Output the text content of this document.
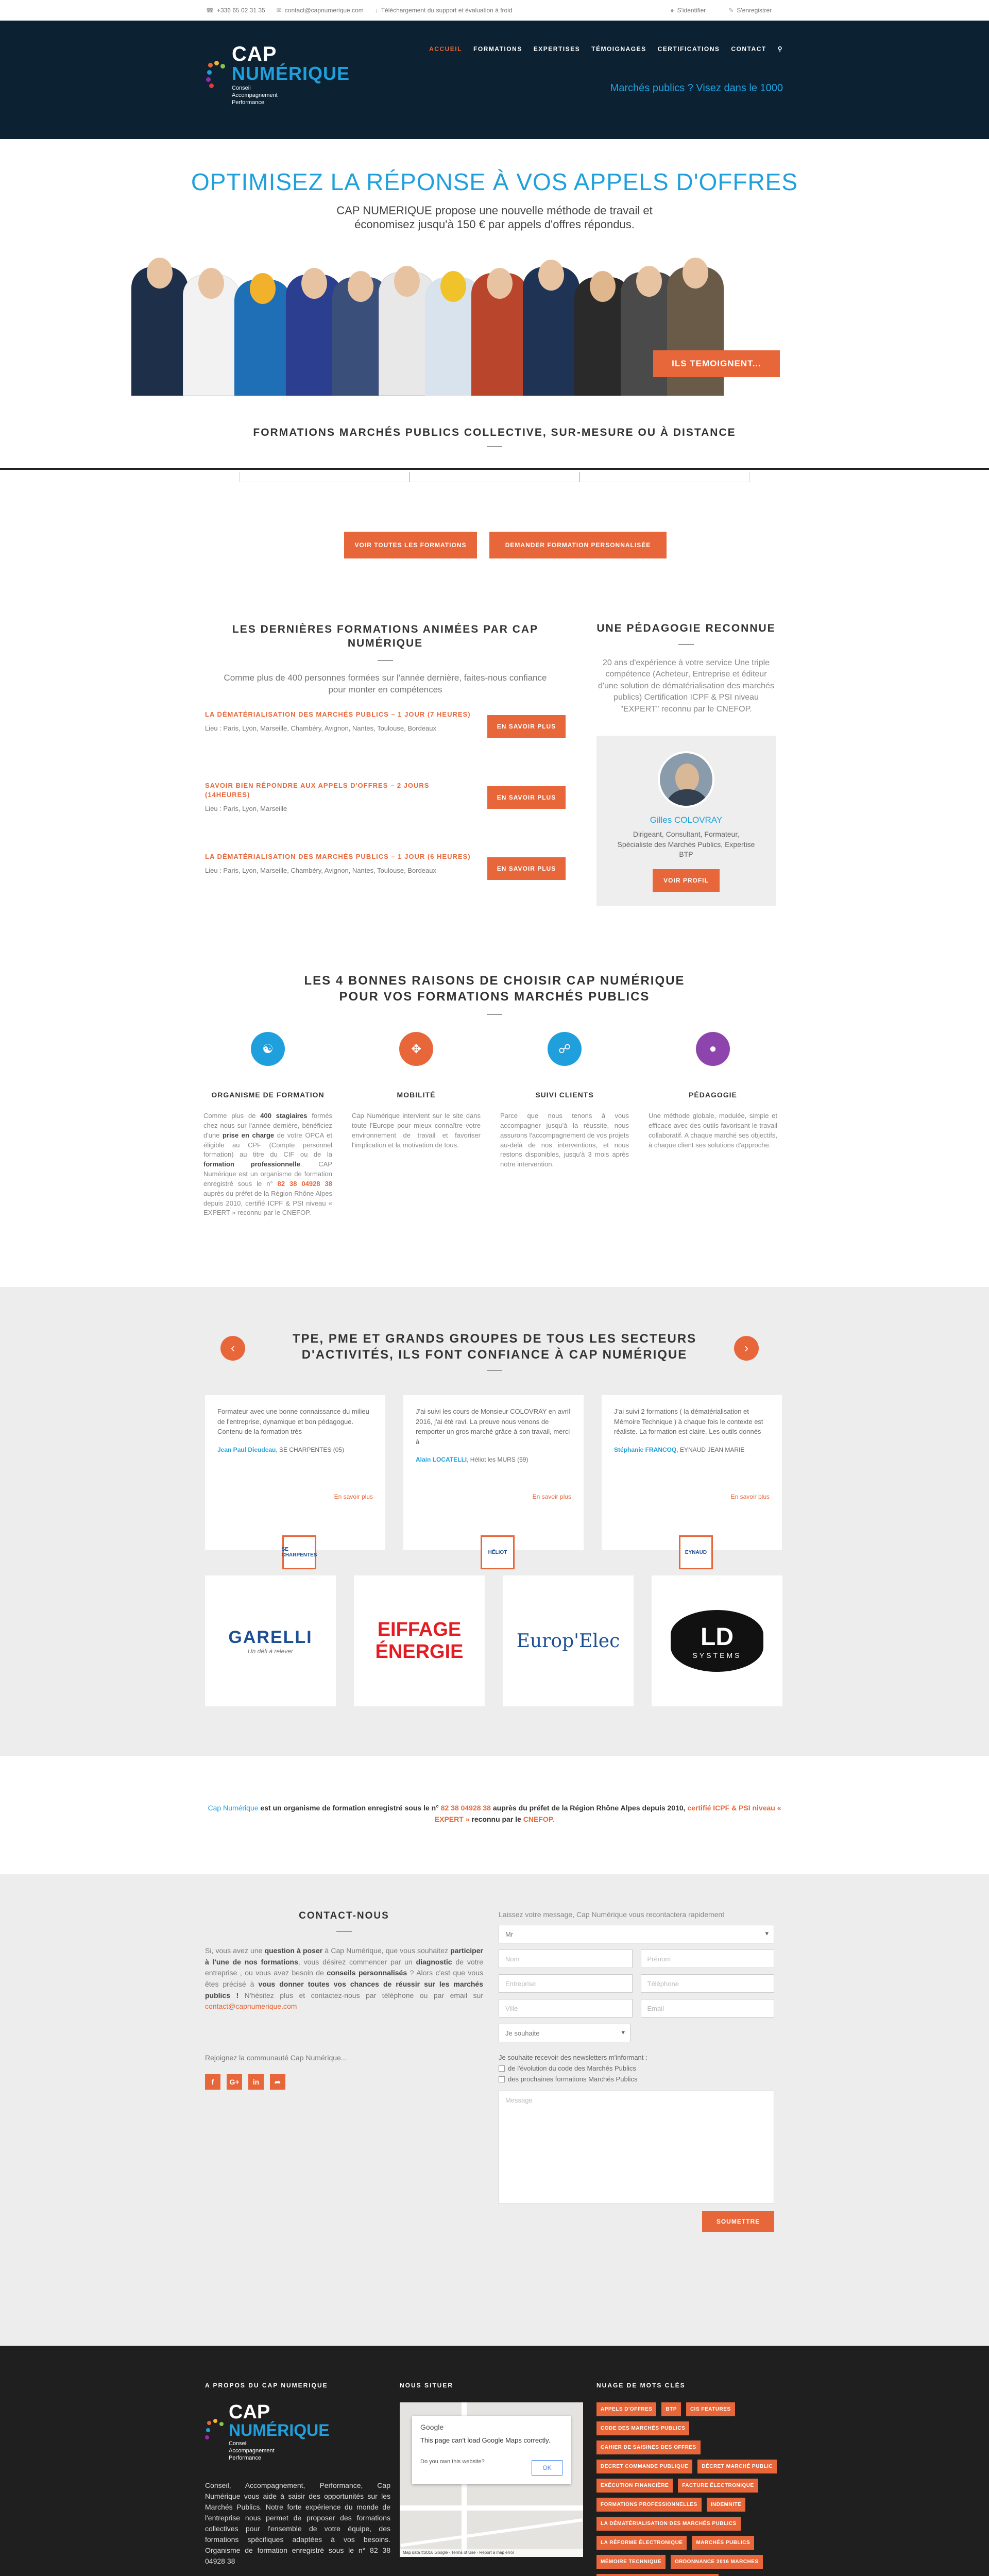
☎ +336 65 02 31 35 ✉ contact@capnumerique.com ↓ Téléchargement du support et évaluation à froid	● S'identifier	✎ S'enregistrer
CAP
NUMÉRIQUE
Conseil
Accompagnement
Performance
ACCUEIL FORMATIONS EXPERTISES TÉMOIGNAGES CERTIFICATIONS CONTACT ⚲
Marchés publics ? Visez dans le 1000
OPTIMISEZ LA RÉPONSE À VOS APPELS D'OFFRES

CAP NUMERIQUE propose une nouvelle méthode de travail et économisez jusqu'à 150 € par appels d'offres répondus.

ILS TEMOIGNENT...
FORMATIONS MARCHÉS PUBLICS COLLECTIVE, SUR-MESURE OU À DISTANCE
VOIR TOUTES LES FORMATIONS	DEMANDER FORMATION PERSONNALISÉE
LES DERNIÈRES FORMATIONS ANIMÉES PAR CAP NUMÉRIQUE

Comme plus de 400 personnes formées sur l'année dernière, faites-nous confiance pour monter en compétences

LA DÉMATÉRIALISATION DES MARCHÉS PUBLICS – 1 JOUR (7 HEURES)
Lieu : Paris, Lyon, Marseille, Chambéry, Avignon, Nantes, Toulouse, Bordeaux	EN SAVOIR PLUS
SAVOIR BIEN RÉPONDRE AUX APPELS D'OFFRES – 2 JOURS (14HEURES)
Lieu : Paris, Lyon, Marseille
EN SAVOIR PLUS
LA DÉMATÉRIALISATION DES MARCHÉS PUBLICS – 1 JOUR (6 HEURES)
Lieu : Paris, Lyon, Marseille, Chambéry, Avignon, Nantes, Toulouse, Bordeaux	EN SAVOIR PLUS
UNE PÉDAGOGIE RECONNUE

20 ans d'expérience à votre service Une triple compétence (Acheteur, Entreprise et éditeur d'une solution de dématérialisation des marchés publics) Certification ICPF & PSI niveau "EXPERT" reconnu par le CNEFOP.

Gilles COLOVRAY
Dirigeant, Consultant, Formateur, Spécialiste des Marchés Publics, Expertise BTP
VOIR PROFIL
LES 4 BONNES RAISONS DE CHOISIR CAP NUMÉRIQUE POUR VOS FORMATIONS MARCHÉS PUBLICS
☯
ORGANISME DE FORMATION
Comme plus de 400 stagiaires formés chez nous sur l'année dernière, bénéficiez d'une prise en charge de votre OPCA et éligible au CPF (Compte personnel formation) au titre du CIF ou de la formation professionnelle. CAP Numérique est un organisme de formation enregistré sous le n° 82 38 04928 38 auprès du préfet de la Région Rhône Alpes depuis 2010, certifié ICPF & PSI niveau « EXPERT » reconnu par le CNEFOP.
✥
MOBILITÉ
Cap Numérique intervient sur le site dans toute l'Europe pour mieux connaître votre environnement de travail et favoriser l'implication et la motivation de tous.
☍
SUIVI CLIENTS
Parce que nous tenons à vous accompagner jusqu'à la réussite, nous assurons l'accompagnement de vos projets au-delà de nos interventions, et nous restons disponibles, jusqu'à 3 mois après notre intervention.
●
PÉDAGOGIE
Une méthode globale, modulée, simple et efficace avec des outils favorisant le travail collaboratif. A chaque marché ses objectifs, à chaque client ses solutions d'approche.
TPE, PME ET GRANDS GROUPES DE TOUS LES SECTEURS D'ACTIVITÉS, ILS FONT CONFIANCE À CAP NUMÉRIQUE
‹	›
Formateur avec une bonne connaissance du milieu de l'entreprise, dynamique et bon pédagogue. Contenu de la formation très
Jean Paul Dieudeau, SE CHARPENTES (05)
En savoir plus
SE CHARPENTES
J'ai suivi les cours de Monsieur COLOVRAY en avril 2016, j'ai été ravi. La preuve nous venons de remporter un gros marché grâce à son travail, merci à
Alain LOCATELLI, Héliot les MURS (69)
En savoir plus
HÉLIOT
J'ai suivi 2 formations ( la dématérialisation et Mémoire Technique ) à chaque fois le contexte est réaliste. La formation est claire. Les outils donnés
Stéphanie FRANCOQ, EYNAUD JEAN MARIE
En savoir plus
EYNAUD
GARELLI
Un défi à relever
EIFFAGE
ÉNERGIE	Europ'Elec	LD
SYSTEMS

Cap Numérique est un organisme de formation enregistré sous le n° 82 38 04928 38 auprès du préfet de la Région Rhône Alpes depuis 2010, certifié ICPF & PSI niveau « EXPERT » reconnu par le CNEFOP.

CONTACT-NOUS

Si, vous avez une question à poser à Cap Numérique, que vous souhaitez participer à l'une de nos formations, vous désirez commencer par un diagnostic de votre entreprise , ou vous avez besoin de conseils personnalisés ? Alors c'est que vous êtes précisé à vous donner toutes vos chances de réussir sur les marchés publics ! N'hésitez plus et contactez-nous par téléphone ou par email sur contact@capnumerique.com

Rejoignez la communauté Cap Numérique...
f	G+	in	➦
Laissez votre message, Cap Numérique vous recontactera rapidement
Mr ▾
Nom	Prénom
Entreprise	Téléphone
Ville	Email
Je souhaite ▾
Je souhaite recevoir des newsletters m'informant :
de l'évolution du code des Marchés Publics
des prochaines formations Marchés Publics
Message
SOUMETTRE
A PROPOS DU CAP NUMERIQUE
CAP
NUMÉRIQUE
Conseil
Accompagnement
Performance

Conseil, Accompagnement, Performance, Cap Numérique vous aide à saisir des opportunités sur les Marchés Publics. Notre forte expérience du monde de l'entreprise nous permet de proposer des formations collectives pour l'ensemble de votre équipe, des formations spécifiques adaptées à vos besoins. Organisme de formation enregistré sous le n° 82 38 04928 38

NOUS SITUER
Google
This page can't load Google Maps correctly.
Do you own this website?
OK
Map data ©2016 Google · Terms of Use · Report a map error
NUAGE DE MOTS CLÉS
APPELS D'OFFRES	BTP	CIS FEATURES
CODE DES MARCHÉS PUBLICS
CAHIER DE SAISINES DES OFFRES
DECRET COMMANDE PUBLIQUE	DÉCRET MARCHÉ PUBLIC
EXÉCUTION FINANCIÈRE	FACTURE ÉLECTRONIQUE
FORMATIONS PROFESSIONNELLES	INDEMNITE
LA DÉMATÉRIALISATION DES MARCHÉS PUBLICS
LA RÉFORME ÉLECTRONIQUE	MARCHÉS PUBLICS
MÉMOIRE TECHNIQUE	ORDONNANCE 2016 MARCHES
